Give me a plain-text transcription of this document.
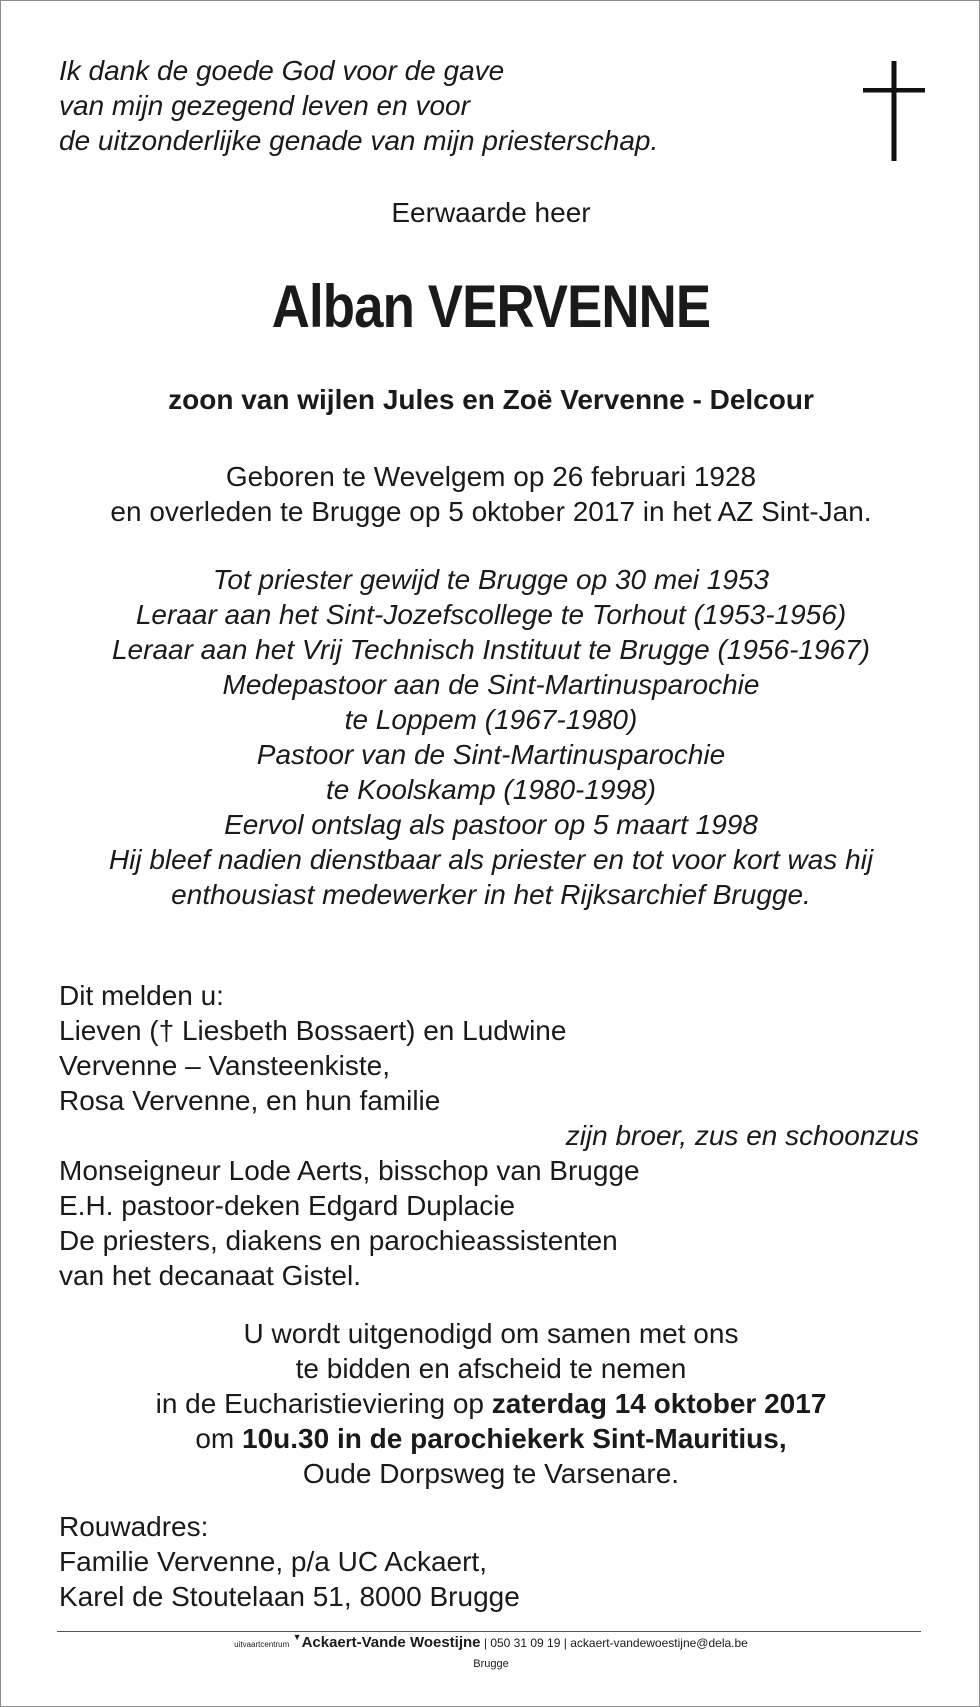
Ik dank de goede God voor de gave
van mijn gezegend leven en voor
de uitzonderlijke genade van mijn priesterschap.
Eerwaarde heer
Alban VERVENNE
zoon van wijlen Jules en Zoë Vervenne - Delcour
Geboren te Wevelgem op 26 februari 1928
en overleden te Brugge op 5 oktober 2017 in het AZ Sint-Jan.
Tot priester gewijd te Brugge op 30 mei 1953
Leraar aan het Sint-Jozefscollege te Torhout (1953-1956)
Leraar aan het Vrij Technisch Instituut te Brugge (1956-1967)
Medepastoor aan de Sint-Martinusparochie
te Loppem (1967-1980)
Pastoor van de Sint-Martinusparochie
te Koolskamp (1980-1998)
Eervol ontslag als pastoor op 5 maart 1998
Hij bleef nadien dienstbaar als priester en tot voor kort was hij
enthousiast medewerker in het Rijksarchief Brugge.
Dit melden u:
Lieven († Liesbeth Bossaert) en Ludwine
Vervenne – Vansteenkiste,
Rosa Vervenne, en hun familie
zijn broer, zus en schoonzus
Monseigneur Lode Aerts, bisschop van Brugge
E.H. pastoor-deken Edgard Duplacie
De priesters, diakens en parochieassistenten
van het decanaat Gistel.
U wordt uitgenodigd om samen met ons
te bidden en afscheid te nemen
in de Eucharistieviering op zaterdag 14 oktober 2017
om 10u.30 in de parochiekerk Sint-Mauritius,
Oude Dorpsweg te Varsenare.
Rouwadres:
Familie Vervenne, p/a UC Ackaert,
Karel de Stoutelaan 51, 8000 Brugge
uitvaartcentrum ▼Ackaert-Vande Woestijne | 050 31 09 19 | ackaert-vandewoestijne@dela.be
Brugge
